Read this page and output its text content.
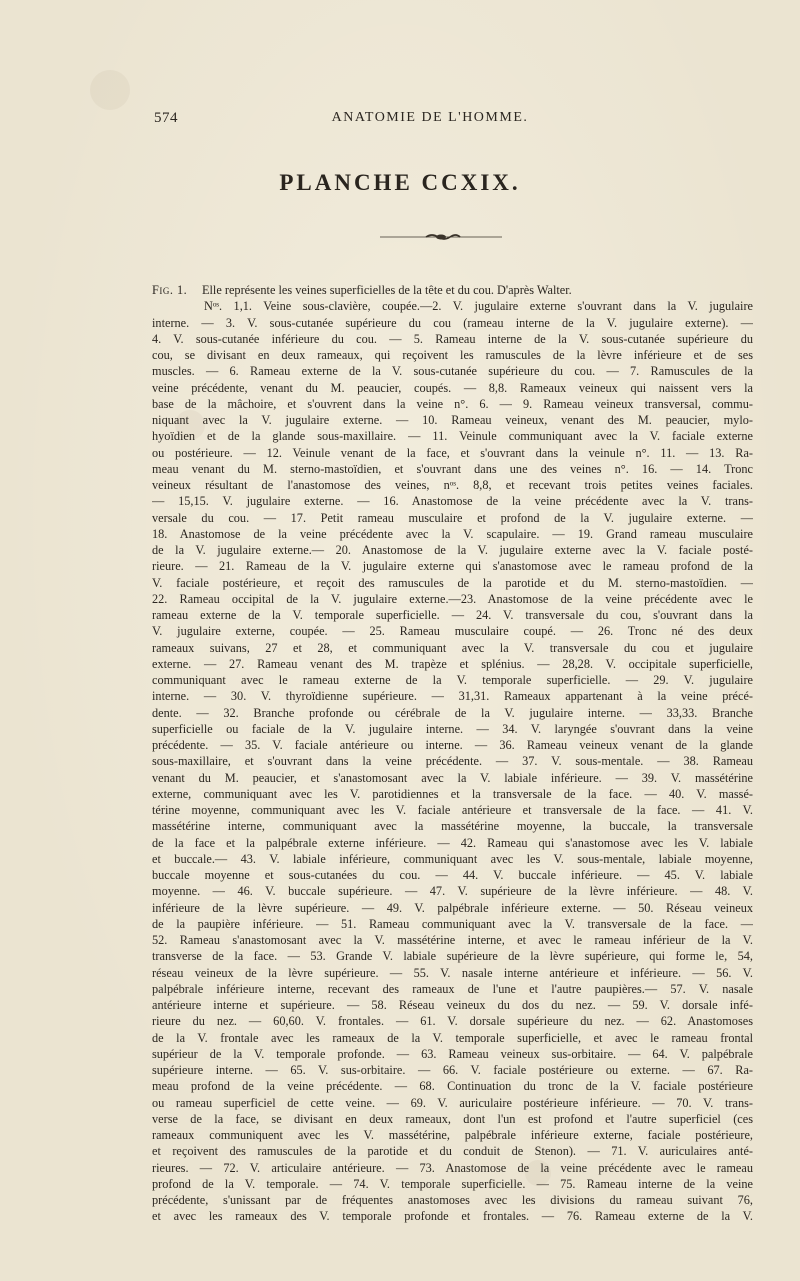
574	ANATOMIE DE L'HOMME.
PLANCHE CCXIX.

Fig. 1. Elle représente les veines superficielles de la tête et du cou. D'après Walter.

Nᵒˢ. 1,1. Veine sous-clavière, coupée.—2. V. jugulaire externe s'ouvrant dans la V. jugulaire
interne. — 3. V. sous-cutanée supérieure du cou (rameau interne de la V. jugulaire externe). —
4. V. sous-cutanée inférieure du cou. — 5. Rameau interne de la V. sous-cutanée supérieure du
cou, se divisant en deux rameaux, qui reçoivent les ramuscules de la lèvre inférieure et de ses
muscles. — 6. Rameau externe de la V. sous-cutanée supérieure du cou. — 7. Ramuscules de la
veine précédente, venant du M. peaucier, coupés. — 8,8. Rameaux veineux qui naissent vers la
base de la mâchoire, et s'ouvrent dans la veine n°. 6. — 9. Rameau veineux transversal, commu-
niquant avec la V. jugulaire externe. — 10. Rameau veineux, venant des M. peaucier, mylo-
hyoïdien et de la glande sous-maxillaire. — 11. Veinule communiquant avec la V. faciale externe
ou postérieure. — 12. Veinule venant de la face, et s'ouvrant dans la veinule n°. 11. — 13. Ra-
meau venant du M. sterno-mastoïdien, et s'ouvrant dans une des veines n°. 16. — 14. Tronc
veineux résultant de l'anastomose des veines, nᵒˢ. 8,8, et recevant trois petites veines faciales.
— 15,15. V. jugulaire externe. — 16. Anastomose de la veine précédente avec la V. trans-
versale du cou. — 17. Petit rameau musculaire et profond de la V. jugulaire externe. —
18. Anastomose de la veine précédente avec la V. scapulaire. — 19. Grand rameau musculaire
de la V. jugulaire externe.— 20. Anastomose de la V. jugulaire externe avec la V. faciale posté-
rieure. — 21. Rameau de la V. jugulaire externe qui s'anastomose avec le rameau profond de la
V. faciale postérieure, et reçoit des ramuscules de la parotide et du M. sterno-mastoïdien. —
22. Rameau occipital de la V. jugulaire externe.—23. Anastomose de la veine précédente avec le
rameau externe de la V. temporale superficielle. — 24. V. transversale du cou, s'ouvrant dans la
V. jugulaire externe, coupée. — 25. Rameau musculaire coupé. — 26. Tronc né des deux
rameaux suivans, 27 et 28, et communiquant avec la V. transversale du cou et jugulaire
externe. — 27. Rameau venant des M. trapèze et splénius. — 28,28. V. occipitale superficielle,
communiquant avec le rameau externe de la V. temporale superficielle. — 29. V. jugulaire
interne. — 30. V. thyroïdienne supérieure. — 31,31. Rameaux appartenant à la veine précé-
dente. — 32. Branche profonde ou cérébrale de la V. jugulaire interne. — 33,33. Branche
superficielle ou faciale de la V. jugulaire interne. — 34. V. laryngée s'ouvrant dans la veine
précédente. — 35. V. faciale antérieure ou interne. — 36. Rameau veineux venant de la glande
sous-maxillaire, et s'ouvrant dans la veine précédente. — 37. V. sous-mentale. — 38. Rameau
venant du M. peaucier, et s'anastomosant avec la V. labiale inférieure. — 39. V. massétérine
externe, communiquant avec les V. parotidiennes et la transversale de la face. — 40. V. massé-
térine moyenne, communiquant avec les V. faciale antérieure et transversale de la face. — 41. V.
massétérine interne, communiquant avec la massétérine moyenne, la buccale, la transversale
de la face et la palpébrale externe inférieure. — 42. Rameau qui s'anastomose avec les V. labiale
et buccale.— 43. V. labiale inférieure, communiquant avec les V. sous-mentale, labiale moyenne,
buccale moyenne et sous-cutanées du cou. — 44. V. buccale inférieure. — 45. V. labiale
moyenne. — 46. V. buccale supérieure. — 47. V. supérieure de la lèvre inférieure. — 48. V.
inférieure de la lèvre supérieure. — 49. V. palpébrale inférieure externe. — 50. Réseau veineux
de la paupière inférieure. — 51. Rameau communiquant avec la V. transversale de la face. —
52. Rameau s'anastomosant avec la V. massétérine interne, et avec le rameau inférieur de la V.
transverse de la face. — 53. Grande V. labiale supérieure de la lèvre supérieure, qui forme le, 54,
réseau veineux de la lèvre supérieure. — 55. V. nasale interne antérieure et inférieure. — 56. V.
palpébrale inférieure interne, recevant des rameaux de l'une et l'autre paupières.— 57. V. nasale
antérieure interne et supérieure. — 58. Réseau veineux du dos du nez. — 59. V. dorsale infé-
rieure du nez. — 60,60. V. frontales. — 61. V. dorsale supérieure du nez. — 62. Anastomoses
de la V. frontale avec les rameaux de la V. temporale superficielle, et avec le rameau frontal
supérieur de la V. temporale profonde. — 63. Rameau veineux sus-orbitaire. — 64. V. palpébrale
supérieure interne. — 65. V. sus-orbitaire. — 66. V. faciale postérieure ou externe. — 67. Ra-
meau profond de la veine précédente. — 68. Continuation du tronc de la V. faciale postérieure
ou rameau superficiel de cette veine. — 69. V. auriculaire postérieure inférieure. — 70. V. trans-
verse de la face, se divisant en deux rameaux, dont l'un est profond et l'autre superficiel (ces
rameaux communiquent avec les V. massétérine, palpébrale inférieure externe, faciale postérieure,
et reçoivent des ramuscules de la parotide et du conduit de Stenon). — 71. V. auriculaires anté-
rieures. — 72. V. articulaire antérieure. — 73. Anastomose de la veine précédente avec le rameau
profond de la V. temporale. — 74. V. temporale superficielle. — 75. Rameau interne de la veine
précédente, s'unissant par de fréquentes anastomoses avec les divisions du rameau suivant 76,
et avec les rameaux des V. temporale profonde et frontales. — 76. Rameau externe de la V.
